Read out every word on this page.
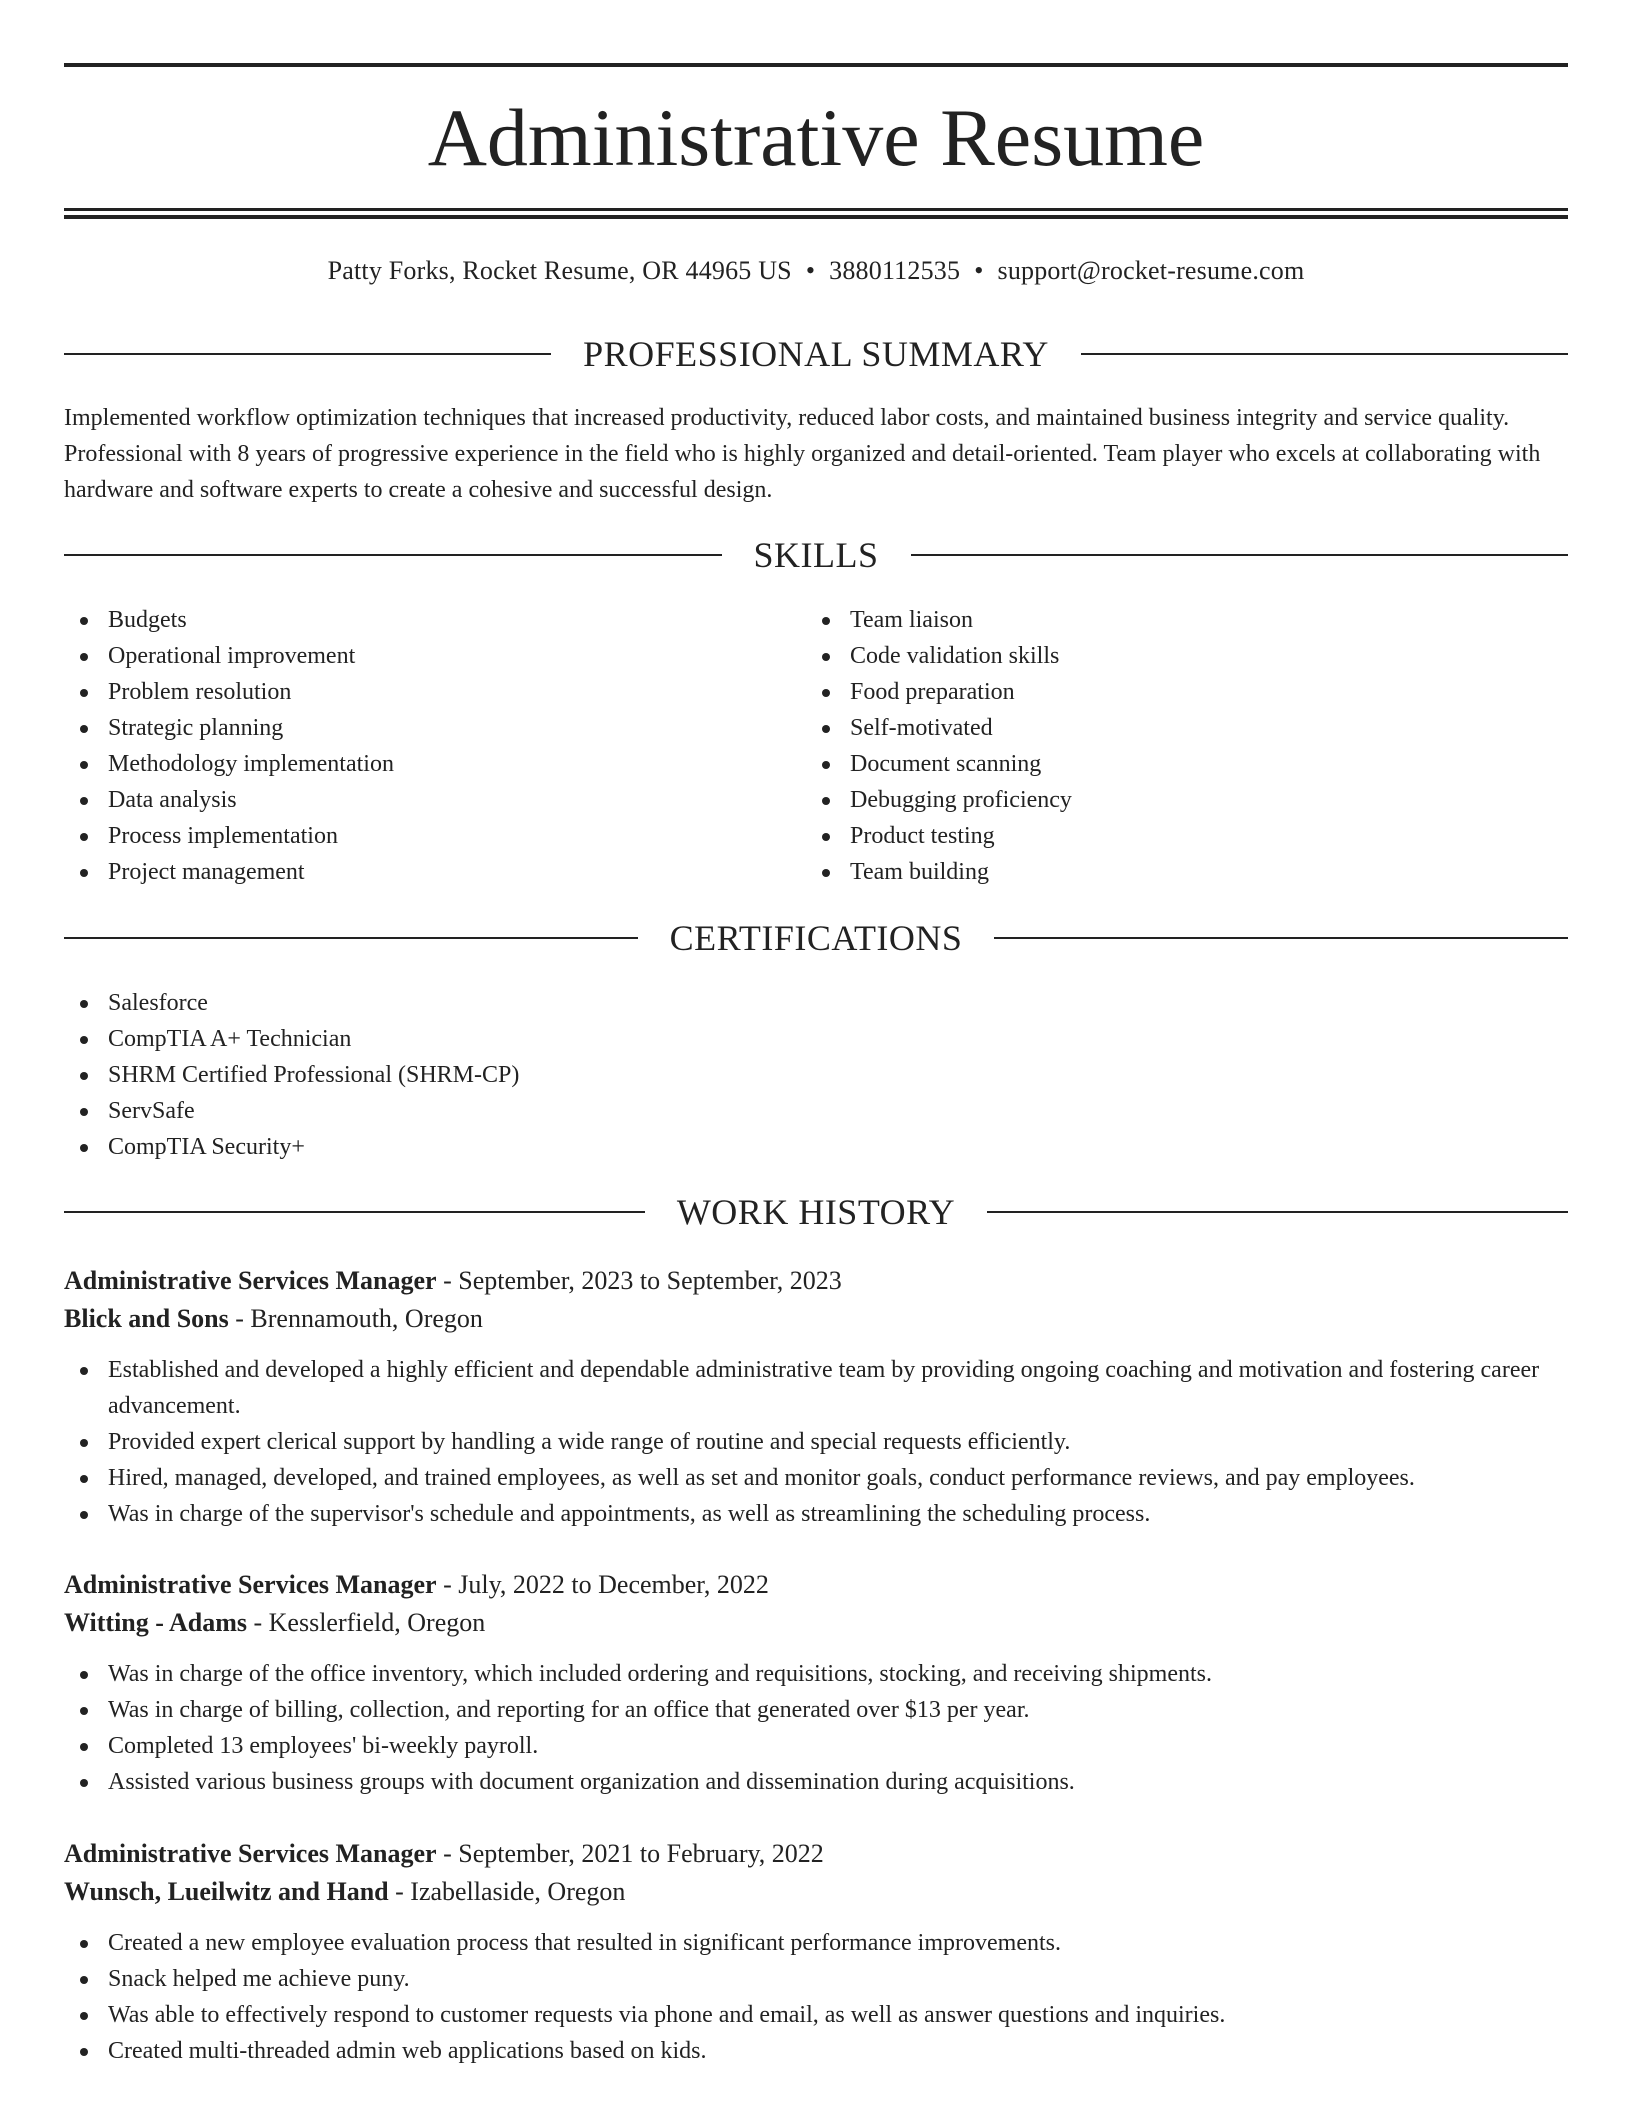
Administrative Resume
Patty Forks, Rocket Resume, OR 44965 US • 3880112535 • support@rocket-resume.com
PROFESSIONAL SUMMARY

Implemented workflow optimization techniques that increased productivity, reduced labor costs, and maintained business integrity and service quality. Professional with 8 years of progressive experience in the field who is highly organized and detail-oriented. Team player who excels at collaborating with hardware and software experts to create a cohesive and successful design.

SKILLS
Budgets
Operational improvement
Problem resolution
Strategic planning
Methodology implementation
Data analysis
Process implementation
Project management
Team liaison
Code validation skills
Food preparation
Self-motivated
Document scanning
Debugging proficiency
Product testing
Team building
CERTIFICATIONS
Salesforce
CompTIA A+ Technician
SHRM Certified Professional (SHRM-CP)
ServSafe
CompTIA Security+
WORK HISTORY
Administrative Services Manager - September, 2023 to September, 2023
Blick and Sons - Brennamouth, Oregon
Established and developed a highly efficient and dependable administrative team by providing ongoing coaching and motivation and fostering career advancement.
Provided expert clerical support by handling a wide range of routine and special requests efficiently.
Hired, managed, developed, and trained employees, as well as set and monitor goals, conduct performance reviews, and pay employees.
Was in charge of the supervisor's schedule and appointments, as well as streamlining the scheduling process.
Administrative Services Manager - July, 2022 to December, 2022
Witting - Adams - Kesslerfield, Oregon
Was in charge of the office inventory, which included ordering and requisitions, stocking, and receiving shipments.
Was in charge of billing, collection, and reporting for an office that generated over $13 per year.
Completed 13 employees' bi-weekly payroll.
Assisted various business groups with document organization and dissemination during acquisitions.
Administrative Services Manager - September, 2021 to February, 2022
Wunsch, Lueilwitz and Hand - Izabellaside, Oregon
Created a new employee evaluation process that resulted in significant performance improvements.
Snack helped me achieve puny.
Was able to effectively respond to customer requests via phone and email, as well as answer questions and inquiries.
Created multi-threaded admin web applications based on kids.
